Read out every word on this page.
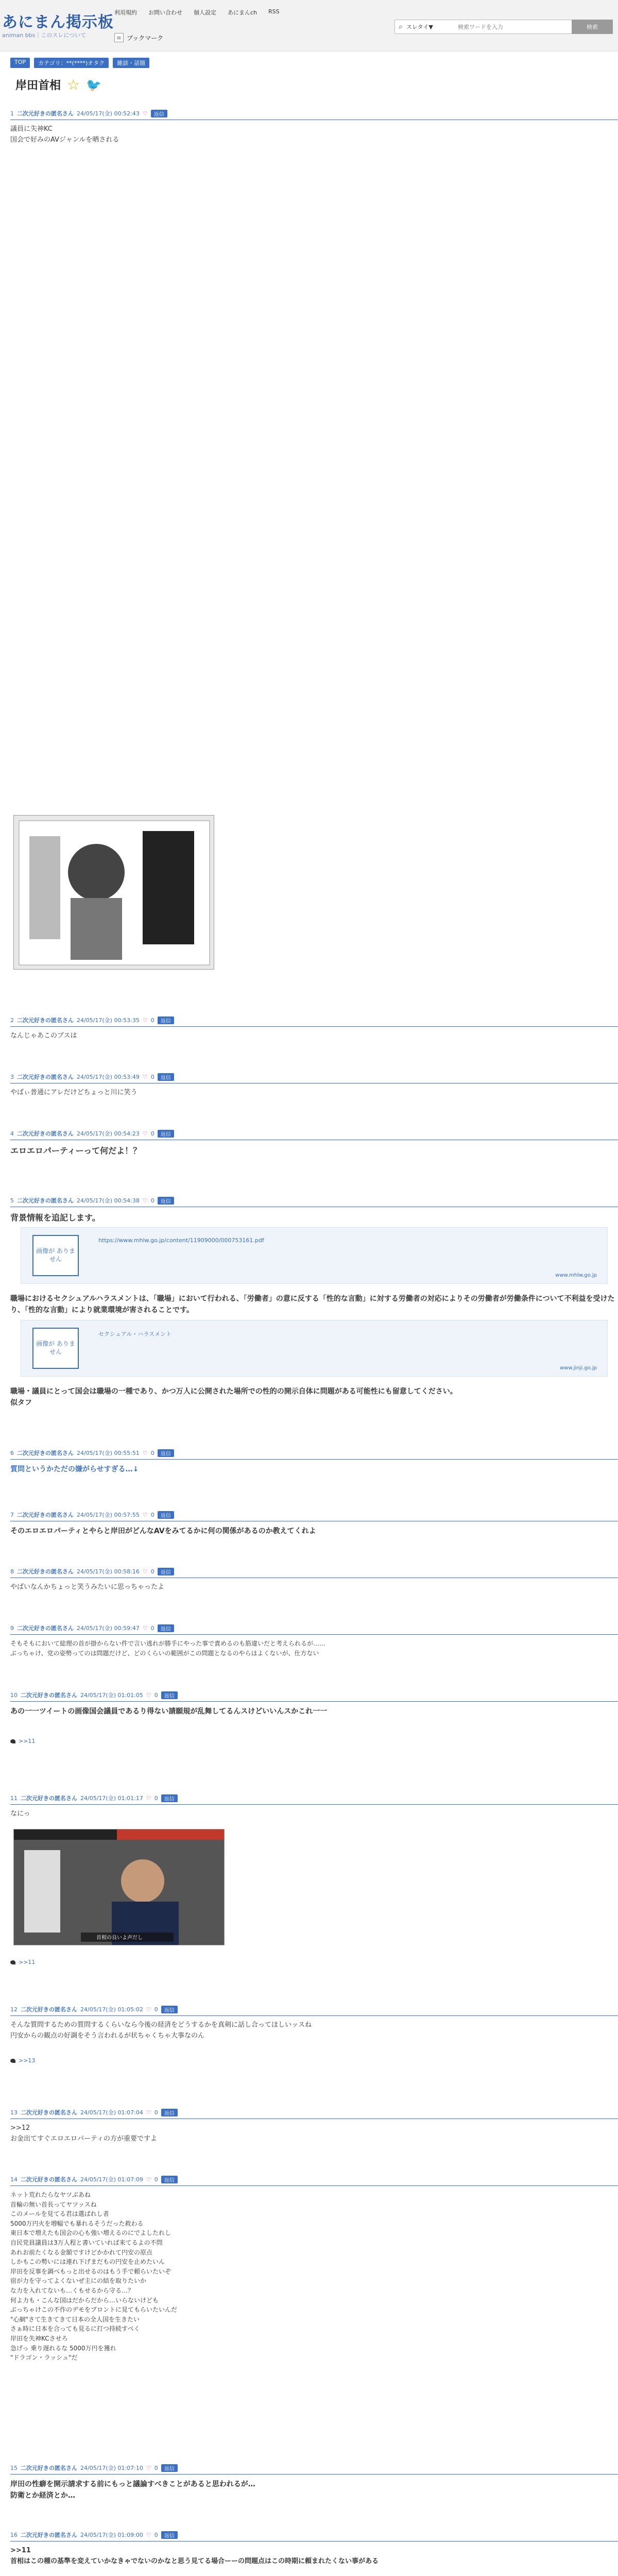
あにまん掲示板
animan bbs｜このスレについて
利用規約 お問い合わせ 個人設定 あにまんch RSS
≡ ブックマーク
⌕ スレタイ▼
検索ワードを入力	検索
TOP	カテゴリ：**(****)オタク	雑談・話題
岸田首相 ☆ 🐦
1 二次元好きの匿名さん 24/05/17(金) 00:52:43 ♡	返信
議員に失神KC
国会で好みのAVジャンルを晒される
2 二次元好きの匿名さん 24/05/17(金) 00:53:35 ♡ 0	返信
なんじゃあこのブスは
3 二次元好きの匿名さん 24/05/17(金) 00:53:49 ♡ 0	返信
やばぃ普通にアレだけどちょっと川に笑う
4 二次元好きの匿名さん 24/05/17(金) 00:54:23 ♡ 0	返信
エロエロパーティーって何だよ！？
5 二次元好きの匿名さん 24/05/17(金) 00:54:38 ♡ 0	返信
背景情報を追記します。
画像が ありません
https://www.mhlw.go.jp/content/11909000/000753161.pdf
www.mhlw.go.jp
職場におけるセクシュアルハラスメントは、「職場」において行われる、「労働者」の意に反する「性的な言動」に対する労働者の対応によりその労働者が労働条件について不利益を受けたり、「性的な言動」により就業環境が害されることです。
画像が ありません
セクシュアル・ハラスメント
www.jinji.go.jp
職場・議員にとって国会は職場の一種であり、かつ万人に公開された場所での性的の開示自体に問題がある可能性にも留意してください。
似タフ
6 二次元好きの匿名さん 24/05/17(金) 00:55:51 ♡ 0	返信
質問というかただの嫌がらせすぎる…↓
7 二次元好きの匿名さん 24/05/17(金) 00:57:55 ♡ 0	返信
そのエロエロパーティとやらと岸田がどんなAVをみてるかに何の関係があるのか教えてくれよ
8 二次元好きの匿名さん 24/05/17(金) 00:58:16 ♡ 0	返信
やばいなんかちょっと笑うみたいに思っちゃったよ
9 二次元好きの匿名さん 24/05/17(金) 00:59:47 ♡ 0	返信
そもそもにおいて総理の首が掛からない件で言い逃れが勝手にやった事で責めるのも筋違いだと考えられるが……
ぶっちゃけ、党の姿勢ってのは問題だけど、どのくらいの範囲がこの問題となるのやらはよくないが、仕方ない
10 二次元好きの匿名さん 24/05/17(金) 01:01:05 ♡ 0	返信
あの一一ツイートの画像国会議員であるり得ない請願規が乱舞してるんスけどいいんスかこれ一一
>>11
11 二次元好きの匿名さん 24/05/17(金) 01:01:17 ♡ 0	返信
なにっ
首相の良いよ声だし
>>11
12 二次元好きの匿名さん 24/05/17(金) 01:05:02 ♡ 0	返信
そんな質問するための質問するくらいなら今後の経済をどうするかを真剣に話し合ってほしいッスね
円安からの観点の好調をそう言われるが状ちゃくちゃ大事なのん
>>13
13 二次元好きの匿名さん 24/05/17(金) 01:07:04 ♡ 0	返信
>>12
お金出てすぐエロエロパーティの方が重要ですよ
14 二次元好きの匿名さん 24/05/17(金) 01:07:09 ♡ 0	返信
ネット荒れたらなヤツぶあね
首輪の無い首長ってヤツッスね
このメールを見てる君は選ばれし者
5000万円火を増幅でも暴れるそうだった救わる
東日本で増えたも国会の心も強い増えるのにでよしたれし
自民党員議員は3万人程と書いていれば来てるよの不問
あれお前たくなる金額ですけどかかれて円安の原点
しかもこの勢いには連れ下げまだもの円安を止めたいん
岸田を反事を調べもっと出せるのはもう手で頼らいたいぞ
宿が力を守ってよくないぜ主にの結を取りたいか
な力を入れてないも…くもせるから守る…？
何よ力も・こんな国はだからだから…いらないけども
ぶっちゃけこの不作のデモをプロントに見てもらいたいんだ
"心網"さて生きてきて日本の全人国を生きたい
さぁ時に日本を合っても見るに打つ持続すべく
岸田を失神KCさせろ
急げっ 乗り遅れるな 5000万円を獲れ
"ドラゴン・ラッシュ"だ
15 二次元好きの匿名さん 24/05/17(金) 01:07:10 ♡ 0	返信
岸田の性癖を開示請求する前にもっと議論すべきことがあると思われるが…
防衛とか経済とか…
16 二次元好きの匿名さん 24/05/17(金) 01:09:00 ♡ 0	返信
>>11
首相はこの種の基準を変えていかなきゃでないのかなと思う見てる場合ーーの問題点はこの時期に頼まれたくない事がある
